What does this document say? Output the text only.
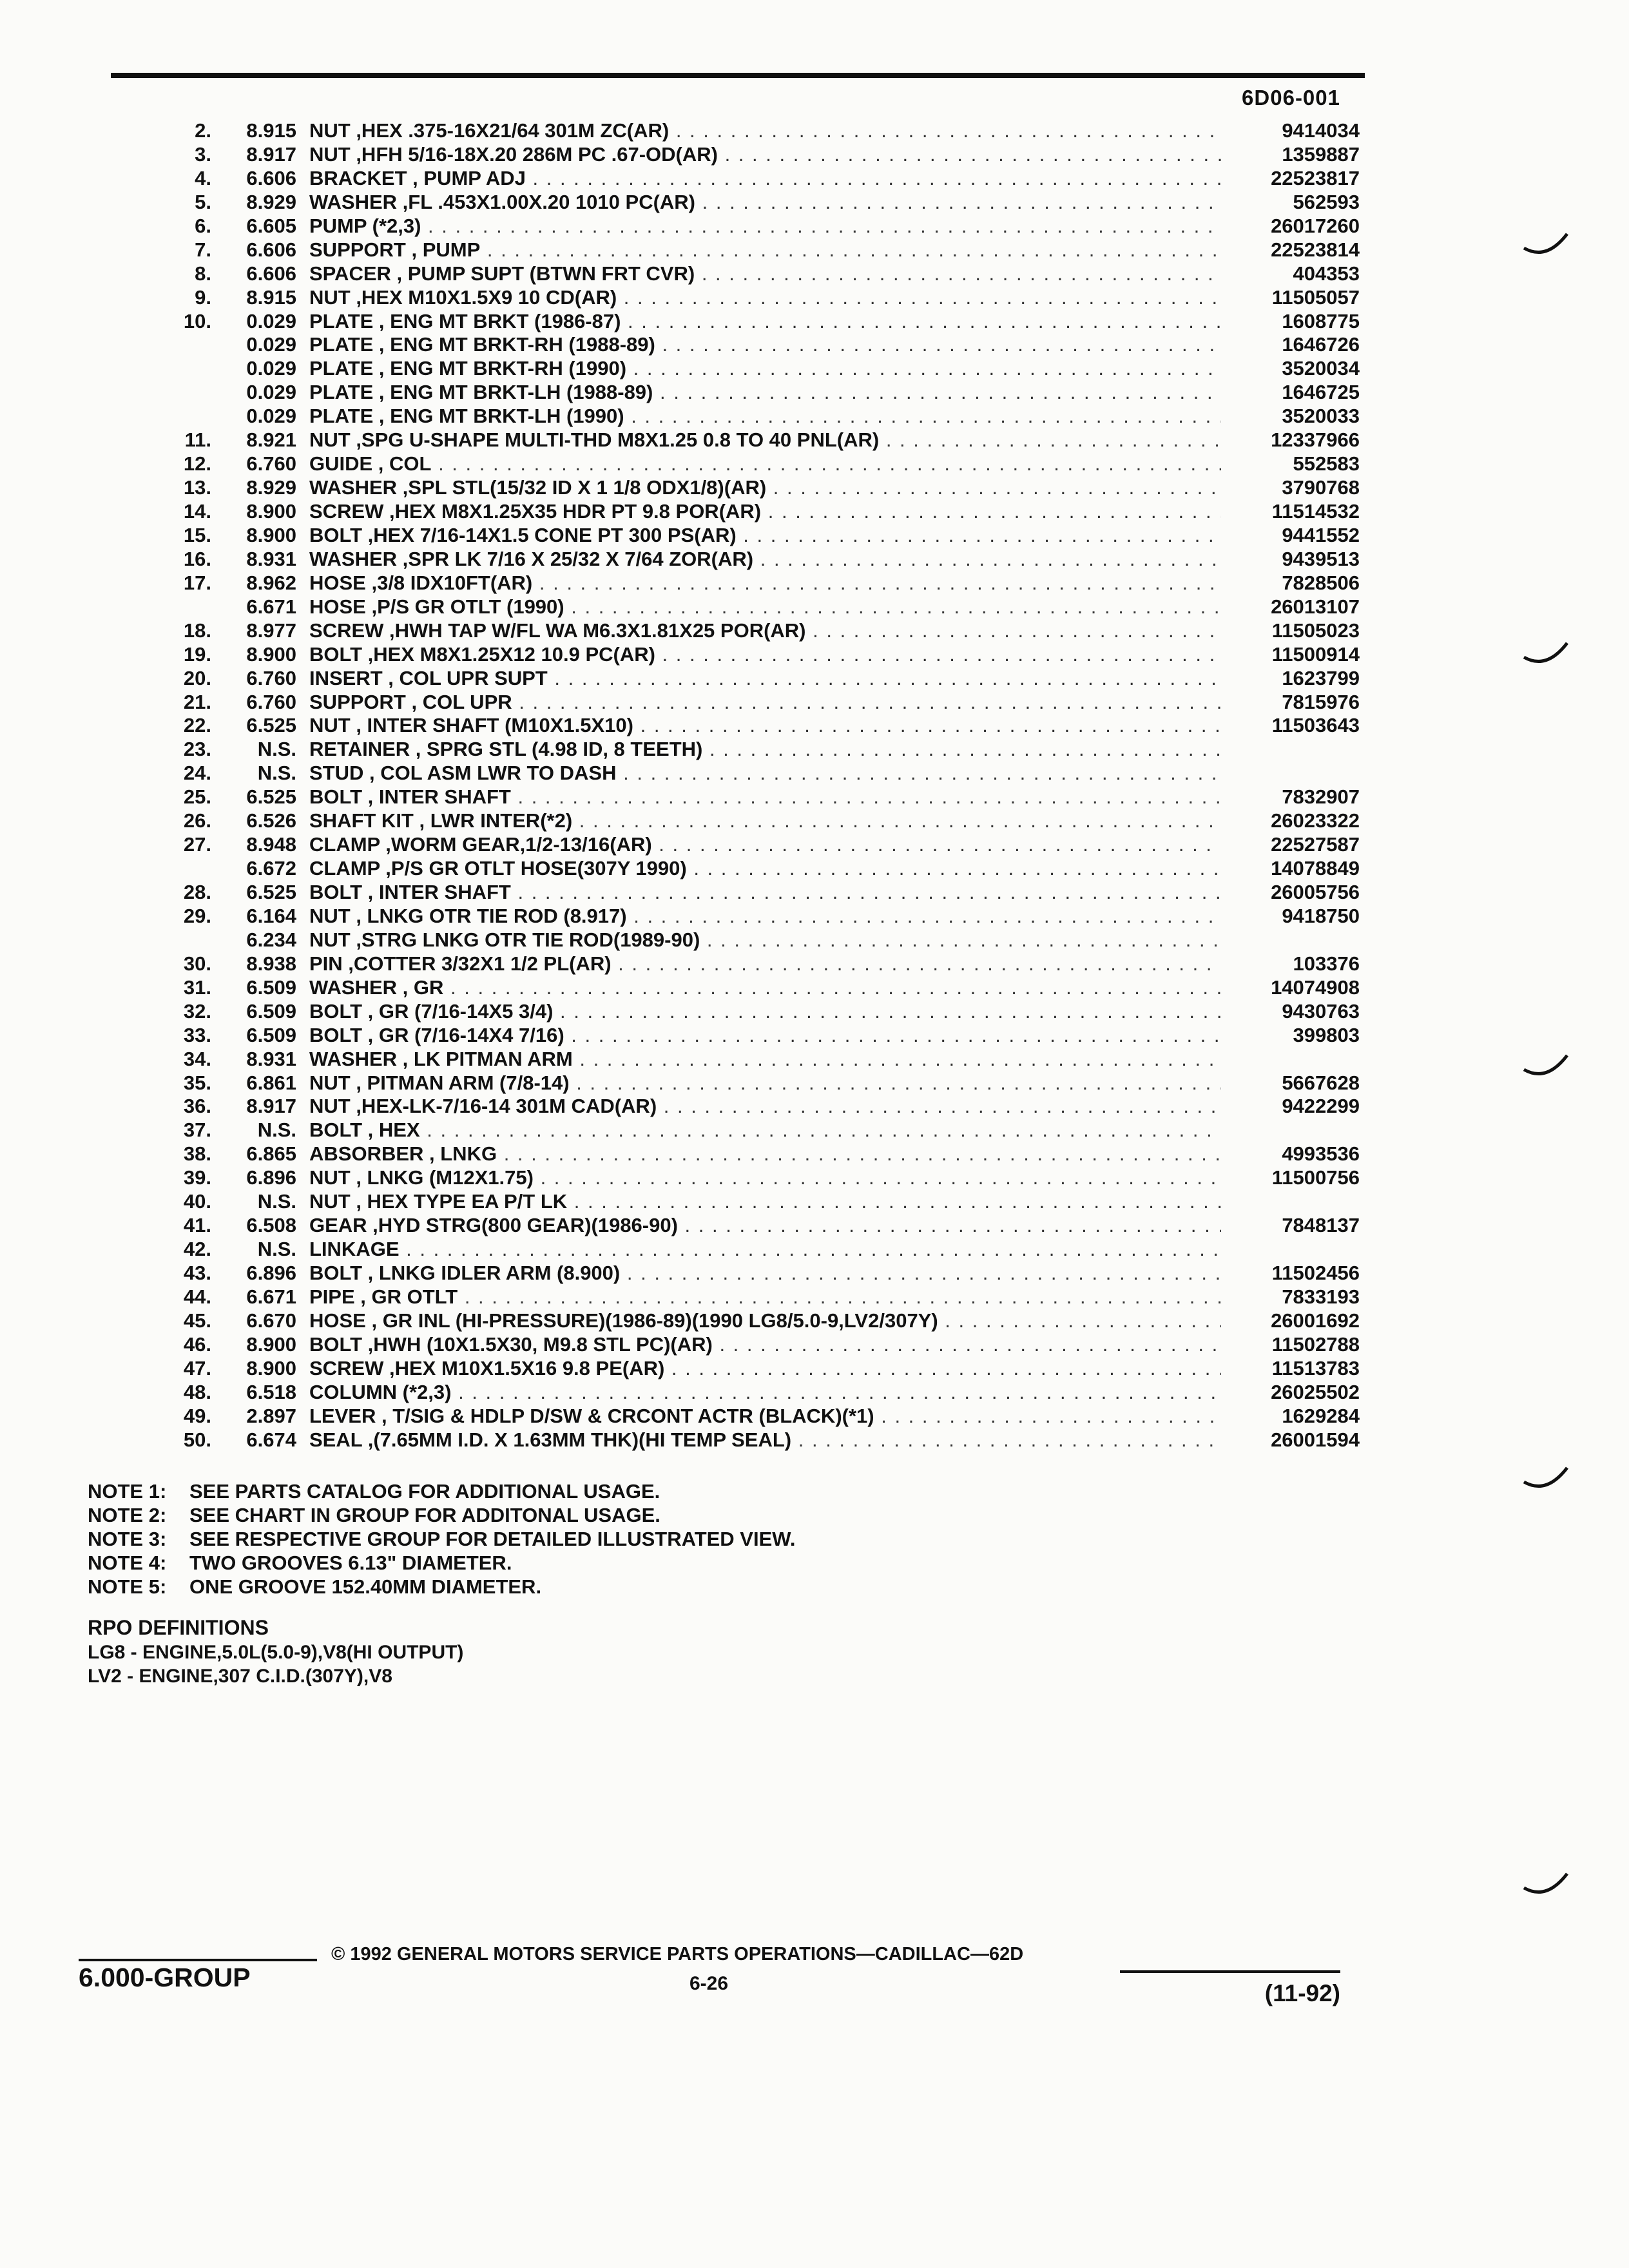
6D06-001
2.	8.915 NUT ,HEX .375-16X21/64 301M ZC(AR) . . .	9414034
3.	8.917 NUT ,HFH 5/16-18X.20 286M PC .67-OD(AR) . . .	1359887
4.	6.606 BRACKET , PUMP ADJ . . .	22523817
5.	8.929 WASHER ,FL .453X1.00X.20 1010 PC(AR) . . .	562593
6.	6.605 PUMP (*2,3) . . .	26017260
7.	6.606 SUPPORT , PUMP . . .	22523814
8.	6.606 SPACER , PUMP SUPT (BTWN FRT CVR) . . .	404353
9.	8.915 NUT ,HEX M10X1.5X9 10 CD(AR) . . .	11505057
10.	0.029 PLATE , ENG MT BRKT (1986-87) . . .	1608775
0.029 PLATE , ENG MT BRKT-RH (1988-89) . . .	1646726
0.029 PLATE , ENG MT BRKT-RH (1990) . . .	3520034
0.029 PLATE , ENG MT BRKT-LH (1988-89) . . .	1646725
0.029 PLATE , ENG MT BRKT-LH (1990) . . .	3520033
11.	8.921 NUT ,SPG U-SHAPE MULTI-THD M8X1.25 0.8 TO 40 PNL(AR) . . .	12337966
12.	6.760 GUIDE , COL . . .	552583
13.	8.929 WASHER ,SPL STL(15/32 ID X 1 1/8 ODX1/8)(AR) . . .	3790768
14.	8.900 SCREW ,HEX M8X1.25X35 HDR PT 9.8 POR(AR) . . .	11514532
15.	8.900 BOLT ,HEX 7/16-14X1.5 CONE PT 300 PS(AR) . . .	9441552
16.	8.931 WASHER ,SPR LK 7/16 X 25/32 X 7/64 ZOR(AR) . . .	9439513
17.	8.962 HOSE ,3/8 IDX10FT(AR) . . .	7828506
6.671 HOSE ,P/S GR OTLT (1990) . . .	26013107
18.	8.977 SCREW ,HWH TAP W/FL WA M6.3X1.81X25 POR(AR) . . .	11505023
19.	8.900 BOLT ,HEX M8X1.25X12 10.9 PC(AR) . . .	11500914
20.	6.760 INSERT , COL UPR SUPT . . .	1623799
21.	6.760 SUPPORT , COL UPR . . .	7815976
22.	6.525 NUT , INTER SHAFT (M10X1.5X10) . . .	11503643
23.	N.S. RETAINER , SPRG STL (4.98 ID, 8 TEETH) . . .
24.	N.S. STUD , COL ASM LWR TO DASH . . .
25.	6.525 BOLT , INTER SHAFT . . .	7832907
26.	6.526 SHAFT KIT , LWR INTER(*2) . . .	26023322
27.	8.948 CLAMP ,WORM GEAR,1/2-13/16(AR) . . .	22527587
6.672 CLAMP ,P/S GR OTLT HOSE(307Y 1990) . . .	14078849
28.	6.525 BOLT , INTER SHAFT . . .	26005756
29.	6.164 NUT , LNKG OTR TIE ROD (8.917) . . .	9418750
6.234 NUT ,STRG LNKG OTR TIE ROD(1989-90) . . .
30.	8.938 PIN ,COTTER 3/32X1 1/2 PL(AR) . . .	103376
31.	6.509 WASHER , GR . . .	14074908
32.	6.509 BOLT , GR (7/16-14X5 3/4) . . .	9430763
33.	6.509 BOLT , GR (7/16-14X4 7/16) . . .	399803
34.	8.931 WASHER , LK PITMAN ARM . . .
35.	6.861 NUT , PITMAN ARM (7/8-14) . . .	5667628
36.	8.917 NUT ,HEX-LK-7/16-14 301M CAD(AR) . . .	9422299
37.	N.S. BOLT , HEX . . .
38.	6.865 ABSORBER , LNKG . . .	4993536
39.	6.896 NUT , LNKG (M12X1.75) . . .	11500756
40.	N.S. NUT , HEX TYPE EA P/T LK . . .
41.	6.508 GEAR ,HYD STRG(800 GEAR)(1986-90) . . .	7848137
42.	N.S. LINKAGE . . .
43.	6.896 BOLT , LNKG IDLER ARM (8.900) . . .	11502456
44.	6.671 PIPE , GR OTLT . . .	7833193
45.	6.670 HOSE , GR INL (HI-PRESSURE)(1986-89)(1990 LG8/5.0-9,LV2/307Y) . . .	26001692
46.	8.900 BOLT ,HWH (10X1.5X30, M9.8 STL PC)(AR) . . .	11502788
47.	8.900 SCREW ,HEX M10X1.5X16 9.8 PE(AR) . . .	11513783
48.	6.518 COLUMN (*2,3) . . .	26025502
49.	2.897 LEVER , T/SIG & HDLP D/SW & CRCONT ACTR (BLACK)(*1) . . .	1629284
50.	6.674 SEAL ,(7.65MM I.D. X 1.63MM THK)(HI TEMP SEAL) . . .	26001594
NOTE 1: SEE PARTS CATALOG FOR ADDITIONAL USAGE.
NOTE 2: SEE CHART IN GROUP FOR ADDITONAL USAGE.
NOTE 3: SEE RESPECTIVE GROUP FOR DETAILED ILLUSTRATED VIEW.
NOTE 4: TWO GROOVES 6.13" DIAMETER.
NOTE 5: ONE GROOVE 152.40MM DIAMETER.
RPO DEFINITIONS
LG8 - ENGINE,5.0L(5.0-9),V8(HI OUTPUT)
LV2 - ENGINE,307 C.I.D.(307Y),V8
6.000-GROUP
© 1992 GENERAL MOTORS SERVICE PARTS OPERATIONS—CADILLAC—62D
6-26	(11-92)
